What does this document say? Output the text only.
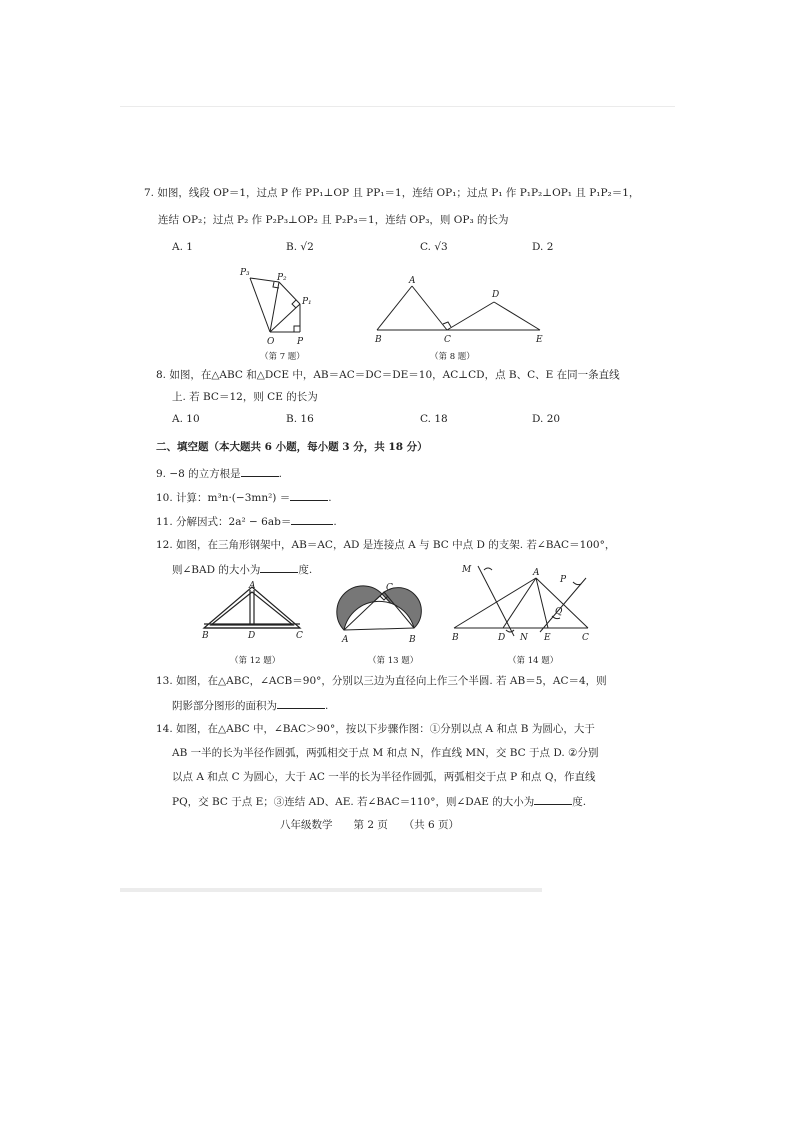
7. 如图，线段 OP＝1，过点 P 作 PP₁⊥OP 且 PP₁＝1，连结 OP₁；过点 P₁ 作 P₁P₂⊥OP₁ 且 P₁P₂＝1，
连结 OP₂；过点 P₂ 作 P₂P₃⊥OP₂ 且 P₂P₃＝1，连结 OP₃，则 OP₃ 的长为
A. 1	B. √2	C. √3	D. 2
P₃	P₂
P₁
O	P
（第 7 题）
A
D
B	C	E
（第 8 题）
8. 如图，在△ABC 和△DCE 中，AB＝AC＝DC＝DE＝10，AC⊥CD，点 B、C、E 在同一条直线
上. 若 BC＝12，则 CE 的长为
A. 10	B. 16	C. 18	D. 20
二、填空题（本大题共 6 小题，每小题 3 分，共 18 分）
9. −8 的立方根是	.
10. 计算：m³n·(−3mn²) ＝	.
11. 分解因式：2a² − 6ab＝	.
12. 如图，在三角形钢架中，AB＝AC，AD 是连接点 A 与 BC 中点 D 的支架. 若∠BAC＝100°，
则∠BAD 的大小为	度.
A
B	D	C
（第 12 题）
C
A	B
（第 13 题）
M	A
P
Q
B	D N E	C
（第 14 题）
13. 如图，在△ABC，∠ACB＝90°，分别以三边为直径向上作三个半圆. 若 AB＝5，AC＝4，则
阴影部分图形的面积为	.
14. 如图，在△ABC 中，∠BAC＞90°，按以下步骤作图：①分别以点 A 和点 B 为圆心，大于
AB 一半的长为半径作圆弧，两弧相交于点 M 和点 N，作直线 MN，交 BC 于点 D. ②分别
以点 A 和点 C 为圆心，大于 AC 一半的长为半径作圆弧，两弧相交于点 P 和点 Q，作直线
PQ，交 BC 于点 E；③连结 AD、AE. 若∠BAC＝110°，则∠DAE 的大小为	度.
八年级数学　　第 2 页　　（共 6 页）
